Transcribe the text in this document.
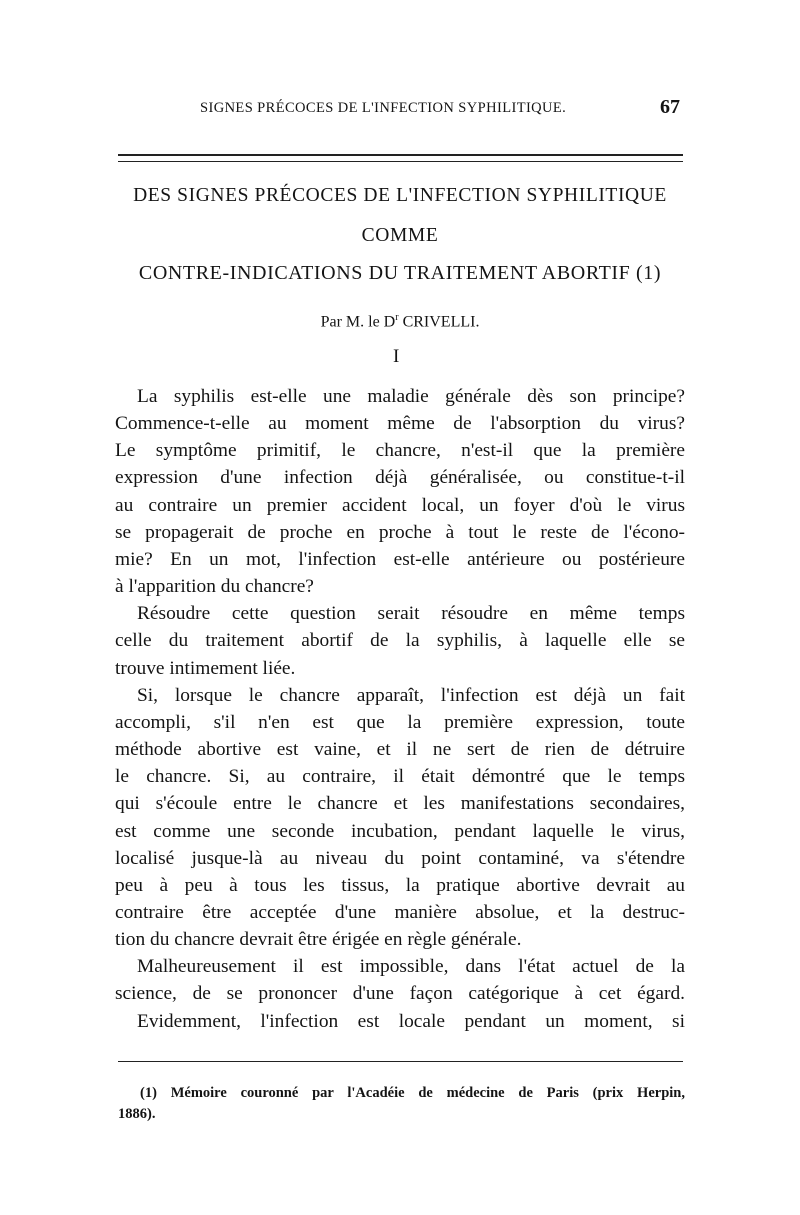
SIGNES PRÉCOCES DE L'INFECTION SYPHILITIQUE.	67
DES SIGNES PRÉCOCES DE L'INFECTION SYPHILITIQUE
COMME
CONTRE-INDICATIONS DU TRAITEMENT ABORTIF (1)
Par M. le $D^r$ CRIVELLI.
I
La syphilis est-elle une maladie générale dès son principe?
Commence-t-elle au moment même de l'absorption du virus?
Le symptôme primitif, le chancre, n'est-il que la première
expression d'une infection déjà généralisée, ou constitue-t-il
au contraire un premier accident local, un foyer d'où le virus
se propagerait de proche en proche à tout le reste de l'écono-
mie? En un mot, l'infection est-elle antérieure ou postérieure
à l'apparition du chancre?
Résoudre cette question serait résoudre en même temps
celle du traitement abortif de la syphilis, à laquelle elle se
trouve intimement liée.
Si, lorsque le chancre apparaît, l'infection est déjà un fait
accompli, s'il n'en est que la première expression, toute
méthode abortive est vaine, et il ne sert de rien de détruire
le chancre. Si, au contraire, il était démontré que le temps
qui s'écoule entre le chancre et les manifestations secondaires,
est comme une seconde incubation, pendant laquelle le virus,
localisé jusque-là au niveau du point contaminé, va s'étendre
peu à peu à tous les tissus, la pratique abortive devrait au
contraire être acceptée d'une manière absolue, et la destruc-
tion du chancre devrait être érigée en règle générale.
Malheureusement il est impossible, dans l'état actuel de la
science, de se prononcer d'une façon catégorique à cet égard.
Evidemment, l'infection est locale pendant un moment, si
(1) Mémoire couronné par l'Acadéie de médecine de Paris (prix Herpin,
1886).
